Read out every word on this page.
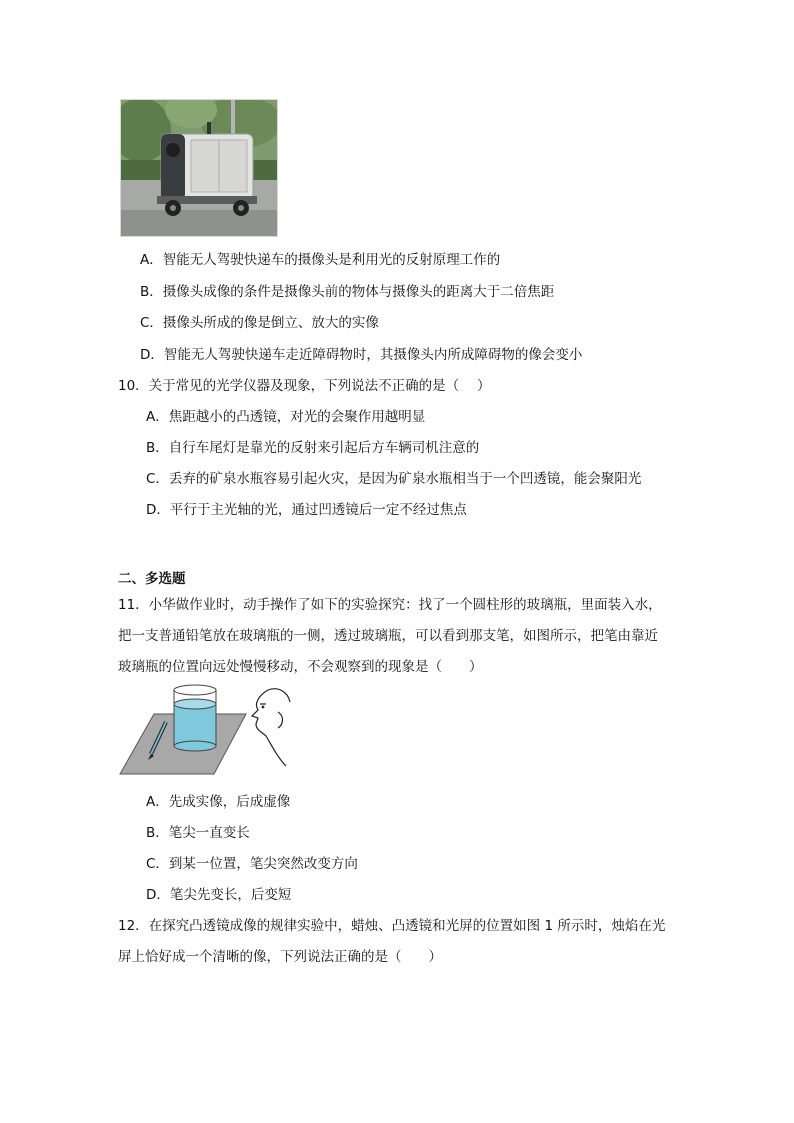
A．智能无人驾驶快递车的摄像头是利用光的反射原理工作的
B．摄像头成像的条件是摄像头前的物体与摄像头的距离大于二倍焦距
C．摄像头所成的像是倒立、放大的实像
D．智能无人驾驶快递车走近障碍物时，其摄像头内所成障碍物的像会变小
10．关于常见的光学仪器及现象，下列说法不正确的是（　 ）
A．焦距越小的凸透镜，对光的会聚作用越明显
B．自行车尾灯是靠光的反射来引起后方车辆司机注意的
C．丢弃的矿泉水瓶容易引起火灾，是因为矿泉水瓶相当于一个凹透镜，能会聚阳光
D．平行于主光轴的光，通过凹透镜后一定不经过焦点
二、多选题
11．小华做作业时，动手操作了如下的实验探究：找了一个圆柱形的玻璃瓶，里面装入水，
把一支普通铅笔放在玻璃瓶的一侧，透过玻璃瓶，可以看到那支笔，如图所示，把笔由靠近
玻璃瓶的位置向远处慢慢移动，不会观察到的现象是（　　）
A．先成实像，后成虚像
B．笔尖一直变长
C．到某一位置，笔尖突然改变方向
D．笔尖先变长，后变短
12．在探究凸透镜成像的规律实验中，蜡烛、凸透镜和光屏的位置如图 1 所示时，烛焰在光
屏上恰好成一个清晰的像，下列说法正确的是（　　）
